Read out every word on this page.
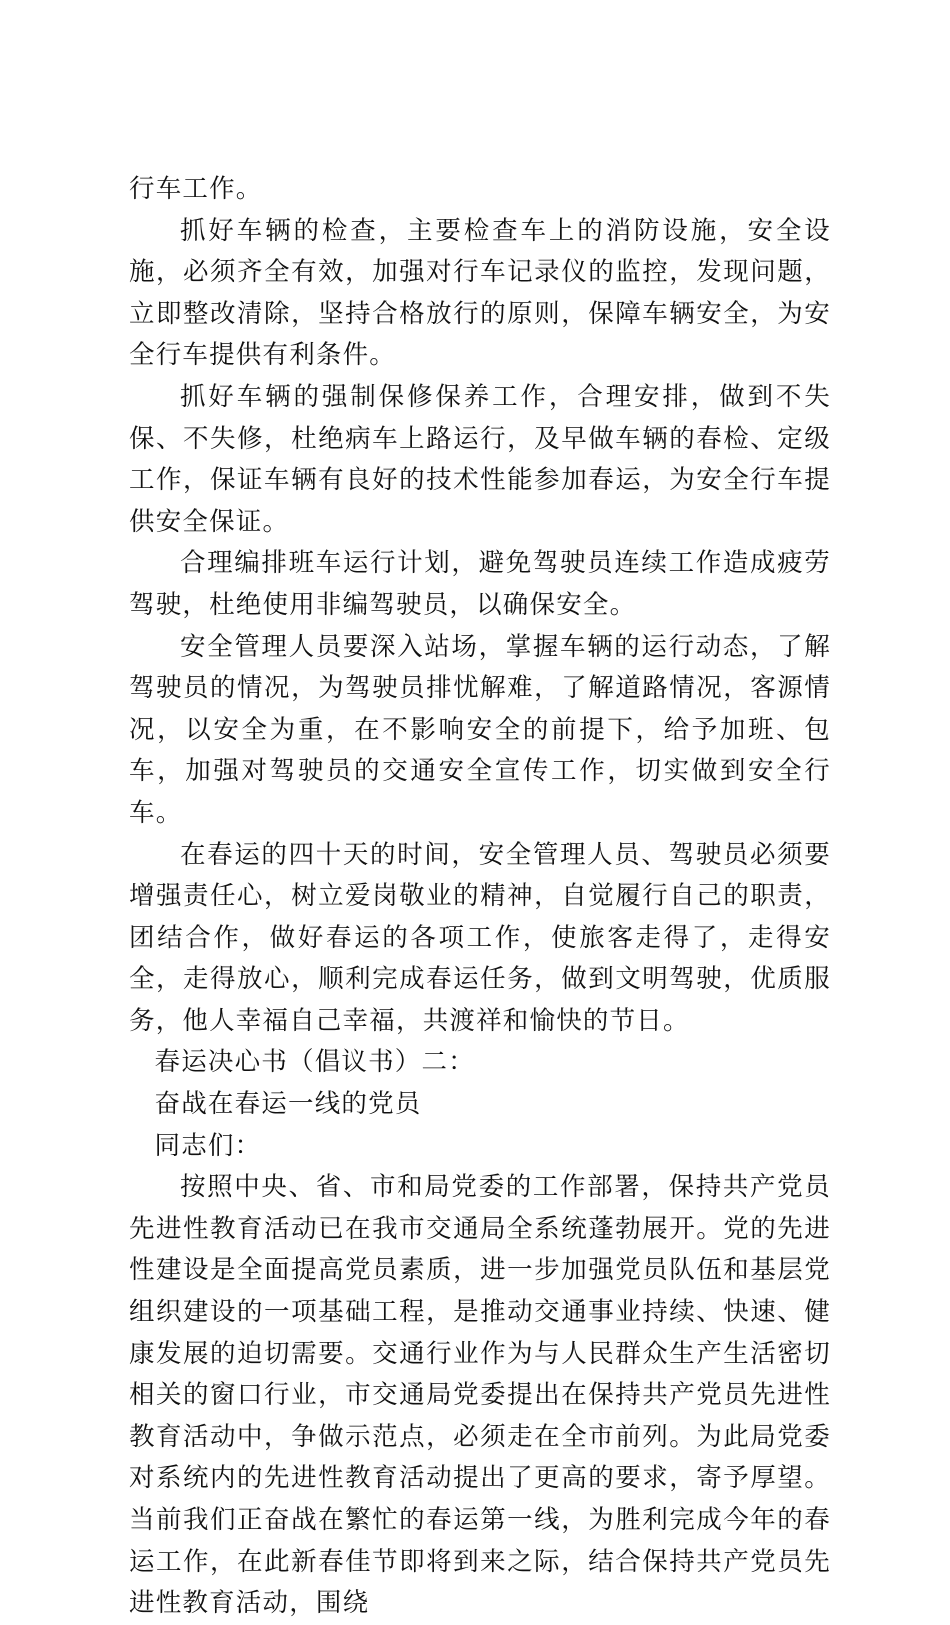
行车工作。

抓好车辆的检查，主要检查车上的消防设施，安全设施，必须齐全有效，加强对行车记录仪的监控，发现问题，立即整改清除，坚持合格放行的原则，保障车辆安全，为安全行车提供有利条件。

抓好车辆的强制保修保养工作，合理安排，做到不失保、不失修，杜绝病车上路运行，及早做车辆的春检、定级工作，保证车辆有良好的技术性能参加春运，为安全行车提供安全保证。

合理编排班车运行计划，避免驾驶员连续工作造成疲劳驾驶，杜绝使用非编驾驶员，以确保安全。

安全管理人员要深入站场，掌握车辆的运行动态，了解驾驶员的情况，为驾驶员排忧解难，了解道路情况，客源情况，以安全为重，在不影响安全的前提下，给予加班、包车，加强对驾驶员的交通安全宣传工作，切实做到安全行车。

在春运的四十天的时间，安全管理人员、驾驶员必须要增强责任心，树立爱岗敬业的精神，自觉履行自己的职责，团结合作，做好春运的各项工作，使旅客走得了，走得安全，走得放心，顺利完成春运任务，做到文明驾驶，优质服务，他人幸福自己幸福，共渡祥和愉快的节日。

春运决心书（倡议书）二：

奋战在春运一线的党员

同志们：

按照中央、省、市和局党委的工作部署，保持共产党员先进性教育活动已在我市交通局全系统蓬勃展开。党的先进性建设是全面提高党员素质，进一步加强党员队伍和基层党组织建设的一项基础工程，是推动交通事业持续、快速、健康发展的迫切需要。交通行业作为与人民群众生产生活密切相关的窗口行业，市交通局党委提出在保持共产党员先进性教育活动中，争做示范点，必须走在全市前列。为此局党委对系统内的先进性教育活动提出了更高的要求，寄予厚望。当前我们正奋战在繁忙的春运第一线，为胜利完成今年的春运工作，在此新春佳节即将到来之际，结合保持共产党员先进性教育活动，围绕
